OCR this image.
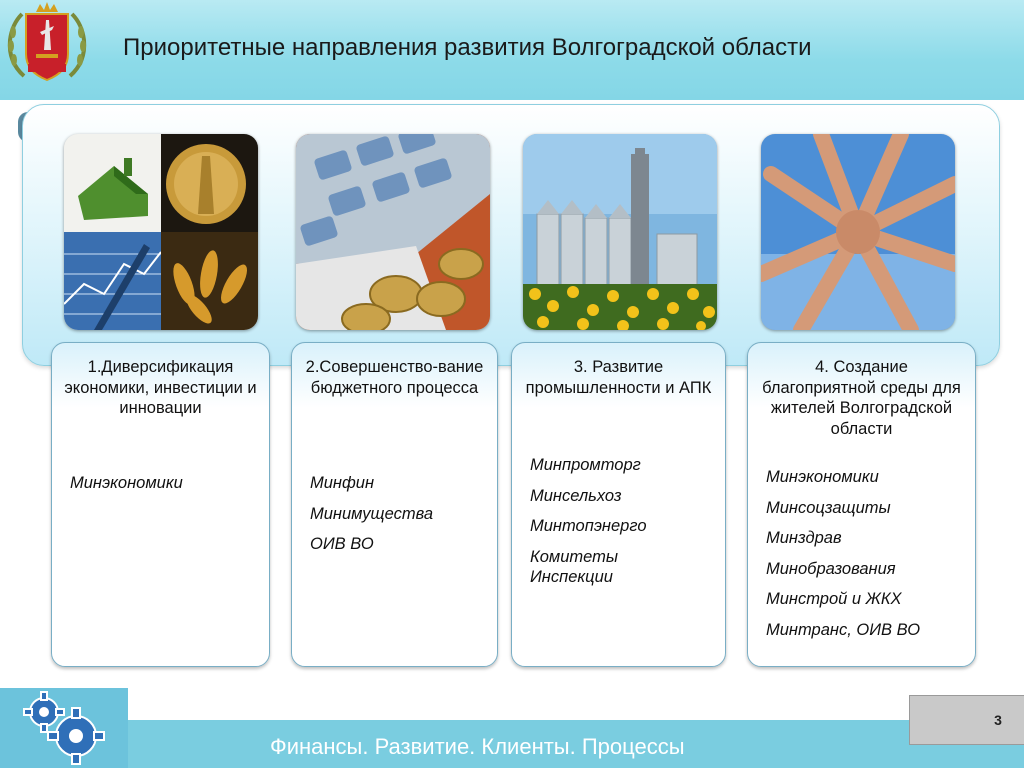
Приоритетные направления развития Волгоградской области
1.Диверсификация экономики, инвестиции и инновации
Минэкономики
2.Совершенство-вание бюджетного процесса
Минфин
Минимущества
ОИВ ВО
3. Развитие промышленности и АПК
Минпромторг
Минсельхоз
Минтопэнерго
Комитеты Инспекции
4. Создание благоприятной среды для жителей Волгоградской области
Минэкономики
Минсоцзащиты
Минздрав
Минобразования
Минстрой и ЖКХ
Минтранс, ОИВ ВО
Финансы. Развитие. Клиенты. Процессы
3
